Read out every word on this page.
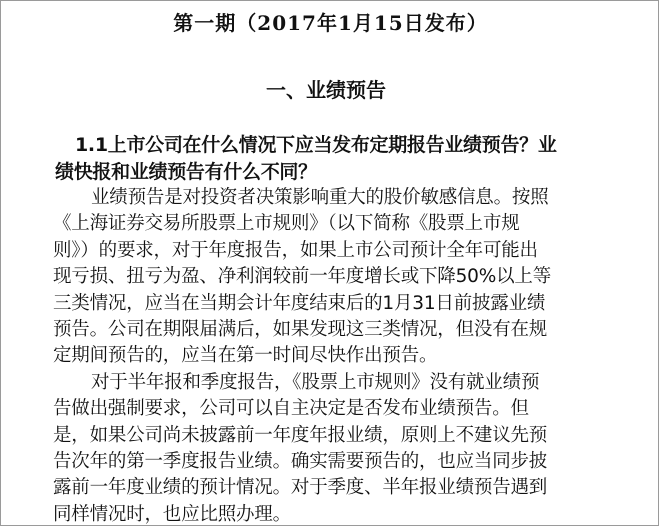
第一期（2017年1月15日发布）
一、业绩预告
1.1上市公司在什么情况下应当发布定期报告业绩预告？业
绩快报和业绩预告有什么不同？
业绩预告是对投资者决策影响重大的股价敏感信息。按照
《上海证券交易所股票上市规则》（以下简称《股票上市规
则》）的要求，对于年度报告，如果上市公司预计全年可能出
现亏损、扭亏为盈、净利润较前一年度增长或下降50%以上等
三类情况，应当在当期会计年度结束后的1月31日前披露业绩
预告。公司在期限届满后，如果发现这三类情况，但没有在规
定期间预告的，应当在第一时间尽快作出预告。
对于半年报和季度报告，《股票上市规则》没有就业绩预
告做出强制要求，公司可以自主决定是否发布业绩预告。但
是，如果公司尚未披露前一年度年报业绩，原则上不建议先预
告次年的第一季度报告业绩。确实需要预告的，也应当同步披
露前一年度业绩的预计情况。对于季度、半年报业绩预告遇到
同样情况时，也应比照办理。
